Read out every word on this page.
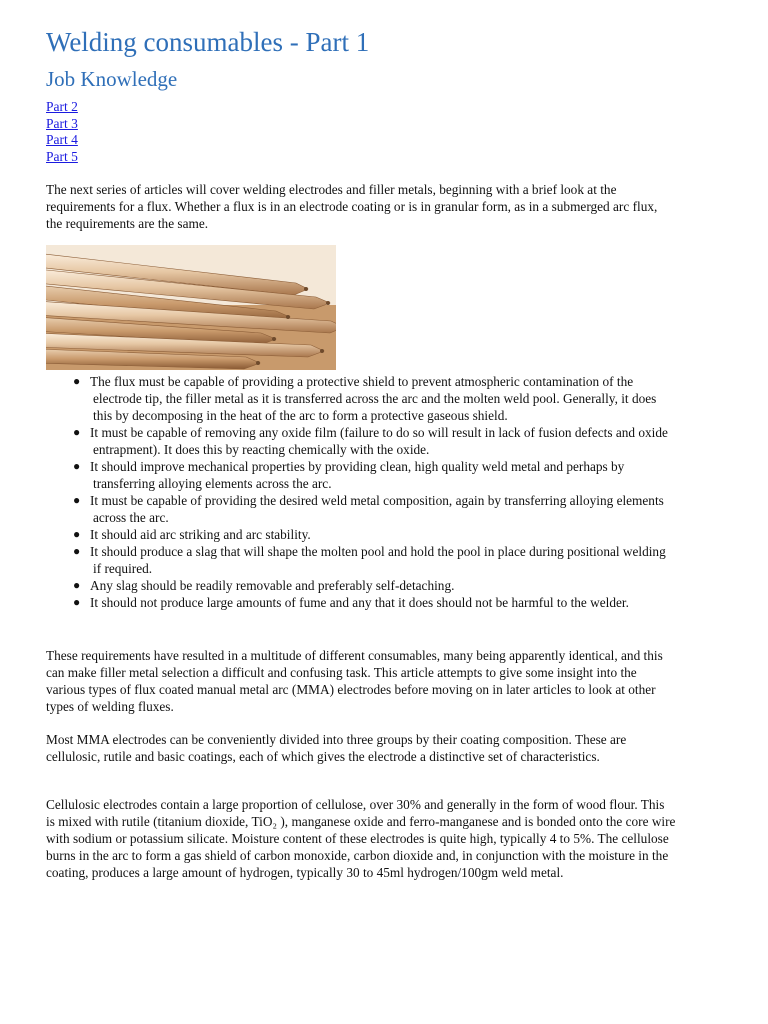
Welding consumables - Part 1
Job Knowledge
Part 2
Part 3
Part 4
Part 5

The next series of articles will cover welding electrodes and filler metals, beginning with a brief look at the requirements for a flux. Whether a flux is in an electrode coating or is in granular form, as in a submerged arc flux, the requirements are the same.

● The flux must be capable of providing a protective shield to prevent atmospheric contamination of the electrode tip, the filler metal as it is transferred across the arc and the molten weld pool. Generally, it does this by decomposing in the heat of the arc to form a protective gaseous shield.
● It must be capable of removing any oxide film (failure to do so will result in lack of fusion defects and oxide entrapment). It does this by reacting chemically with the oxide.
● It should improve mechanical properties by providing clean, high quality weld metal and perhaps by transferring alloying elements across the arc.
● It must be capable of providing the desired weld metal composition, again by transferring alloying elements across the arc.
● It should aid arc striking and arc stability.
● It should produce a slag that will shape the molten pool and hold the pool in place during positional welding if required.
● Any slag should be readily removable and preferably self-detaching.
● It should not produce large amounts of fume and any that it does should not be harmful to the welder.

These requirements have resulted in a multitude of different consumables, many being apparently identical, and this can make filler metal selection a difficult and confusing task. This article attempts to give some insight into the various types of flux coated manual metal arc (MMA) electrodes before moving on in later articles to look at other types of welding fluxes.

Most MMA electrodes can be conveniently divided into three groups by their coating composition. These are cellulosic, rutile and basic coatings, each of which gives the electrode a distinctive set of characteristics.

Cellulosic electrodes contain a large proportion of cellulose, over 30% and generally in the form of wood flour. This is mixed with rutile (titanium dioxide, TiO₂ ), manganese oxide and ferro-manganese and is bonded onto the core wire with sodium or potassium silicate. Moisture content of these electrodes is quite high, typically 4 to 5%. The cellulose burns in the arc to form a gas shield of carbon monoxide, carbon dioxide and, in conjunction with the moisture in the coating, produces a large amount of hydrogen, typically 30 to 45ml hydrogen/100gm weld metal.
